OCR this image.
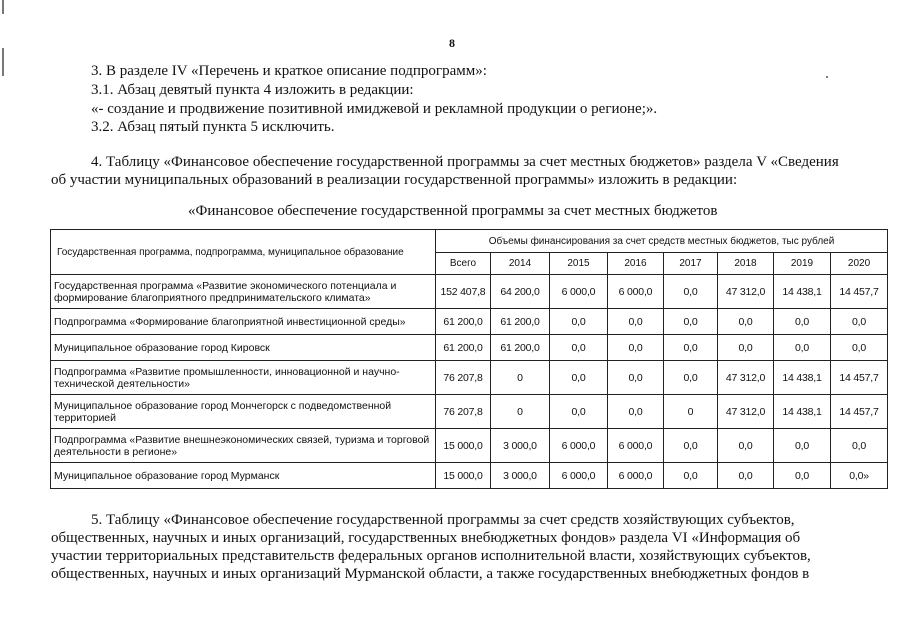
8
3. В разделе IV «Перечень и краткое описание подпрограмм»:
3.1. Абзац девятый пункта 4 изложить в редакции:
«- создание и продвижение позитивной имиджевой и рекламной продукции о регионе;».
3.2. Абзац пятый пункта 5 исключить.
4. Таблицу «Финансовое обеспечение государственной программы за счет местных бюджетов» раздела V «Сведения
об участии муниципальных образований в реализации государственной программы» изложить в редакции:
«Финансовое обеспечение государственной программы за счет местных бюджетов
Государственная программа, подпрограмма, муниципальное образование	Объемы финансирования за счет средств местных бюджетов, тыс рублей							
	Всего	2014	2015	2016	2017	2018	2019	2020
Государственная программа «Развитие экономического потенциала и формирование благоприятного предпринимательского климата»	152 407,8	64 200,0	6 000,0	6 000,0	0,0	47 312,0	14 438,1	14 457,7
Подпрограмма «Формирование благоприятной инвестиционной среды»	61 200,0	61 200,0	0,0	0,0	0,0	0,0	0,0	0,0
Муниципальное образование город Кировск	61 200,0	61 200,0	0,0	0,0	0,0	0,0	0,0	0,0
Подпрограмма «Развитие промышленности, инновационной и научно-технической деятельности»	76 207,8	0	0,0	0,0	0,0	47 312,0	14 438,1	14 457,7
Муниципальное образование город Мончегорск с подведомственной территорией	76 207,8	0	0,0	0,0	0	47 312,0	14 438,1	14 457,7
Подпрограмма «Развитие внешнеэкономических связей, туризма и торговой деятельности в регионе»	15 000,0	3 000,0	6 000,0	6 000,0	0,0	0,0	0,0	0,0
Муниципальное образование город Мурманск	15 000,0	3 000,0	6 000,0	6 000,0	0,0	0,0	0,0	0,0»
5. Таблицу «Финансовое обеспечение государственной программы за счет средств хозяйствующих субъектов,
общественных, научных и иных организаций, государственных внебюджетных фондов» раздела VI «Информация об
участии территориальных представительств федеральных органов исполнительной власти, хозяйствующих субъектов,
общественных, научных и иных организаций Мурманской области, а также государственных внебюджетных фондов в
